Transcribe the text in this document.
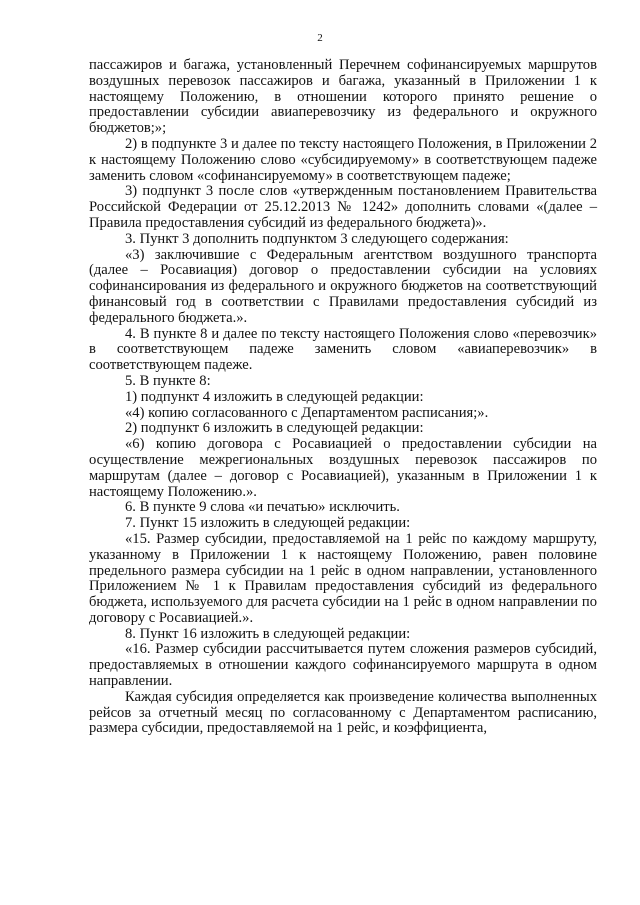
2

пассажиров и багажа, установленный Перечнем софинансируемых маршрутов воздушных перевозок пассажиров и багажа, указанный в Приложении 1 к настоящему Положению, в отношении которого принято решение о предоставлении субсидии авиаперевозчику из федерального и окружного бюджетов;»;

2) в подпункте 3 и далее по тексту настоящего Положения, в Приложении 2 к настоящему Положению слово «субсидируемому» в соответствующем падеже заменить словом «софинансируемому» в соответствующем падеже;

3) подпункт 3 после слов «утвержденным постановлением Правительства Российской Федерации от 25.12.2013 № 1242» дополнить словами «(далее – Правила предоставления субсидий из федерального бюджета)».

3. Пункт 3 дополнить подпунктом 3 следующего содержания:

«3) заключившие с Федеральным агентством воздушного транспорта (далее – Росавиация) договор о предоставлении субсидии на условиях софинансирования из федерального и окружного бюджетов на соответствующий финансовый год в соответствии с Правилами предоставления субсидий из федерального бюджета.».

4. В пункте 8 и далее по тексту настоящего Положения слово «перевозчик» в соответствующем падеже заменить словом «авиаперевозчик» в соответствующем падеже.

5. В пункте 8:

1) подпункт 4 изложить в следующей редакции:

«4) копию согласованного с Департаментом расписания;».

2) подпункт 6 изложить в следующей редакции:

«6) копию договора с Росавиацией о предоставлении субсидии на осуществление межрегиональных воздушных перевозок пассажиров по маршрутам (далее – договор с Росавиацией), указанным в Приложении 1 к настоящему Положению.».

6. В пункте 9 слова «и печатью» исключить.

7. Пункт 15 изложить в следующей редакции:

«15. Размер субсидии, предоставляемой на 1 рейс по каждому маршруту, указанному в Приложении 1 к настоящему Положению, равен половине предельного размера субсидии на 1 рейс в одном направлении, установленного Приложением № 1 к Правилам предоставления субсидий из федерального бюджета, используемого для расчета субсидии на 1 рейс в одном направлении по договору с Росавиацией.».

8. Пункт 16 изложить в следующей редакции:

«16. Размер субсидии рассчитывается путем сложения размеров субсидий, предоставляемых в отношении каждого софинансируемого маршрута в одном направлении.

Каждая субсидия определяется как произведение количества выполненных рейсов за отчетный месяц по согласованному с Департаментом расписанию, размера субсидии, предоставляемой на 1 рейс, и коэффициента,
